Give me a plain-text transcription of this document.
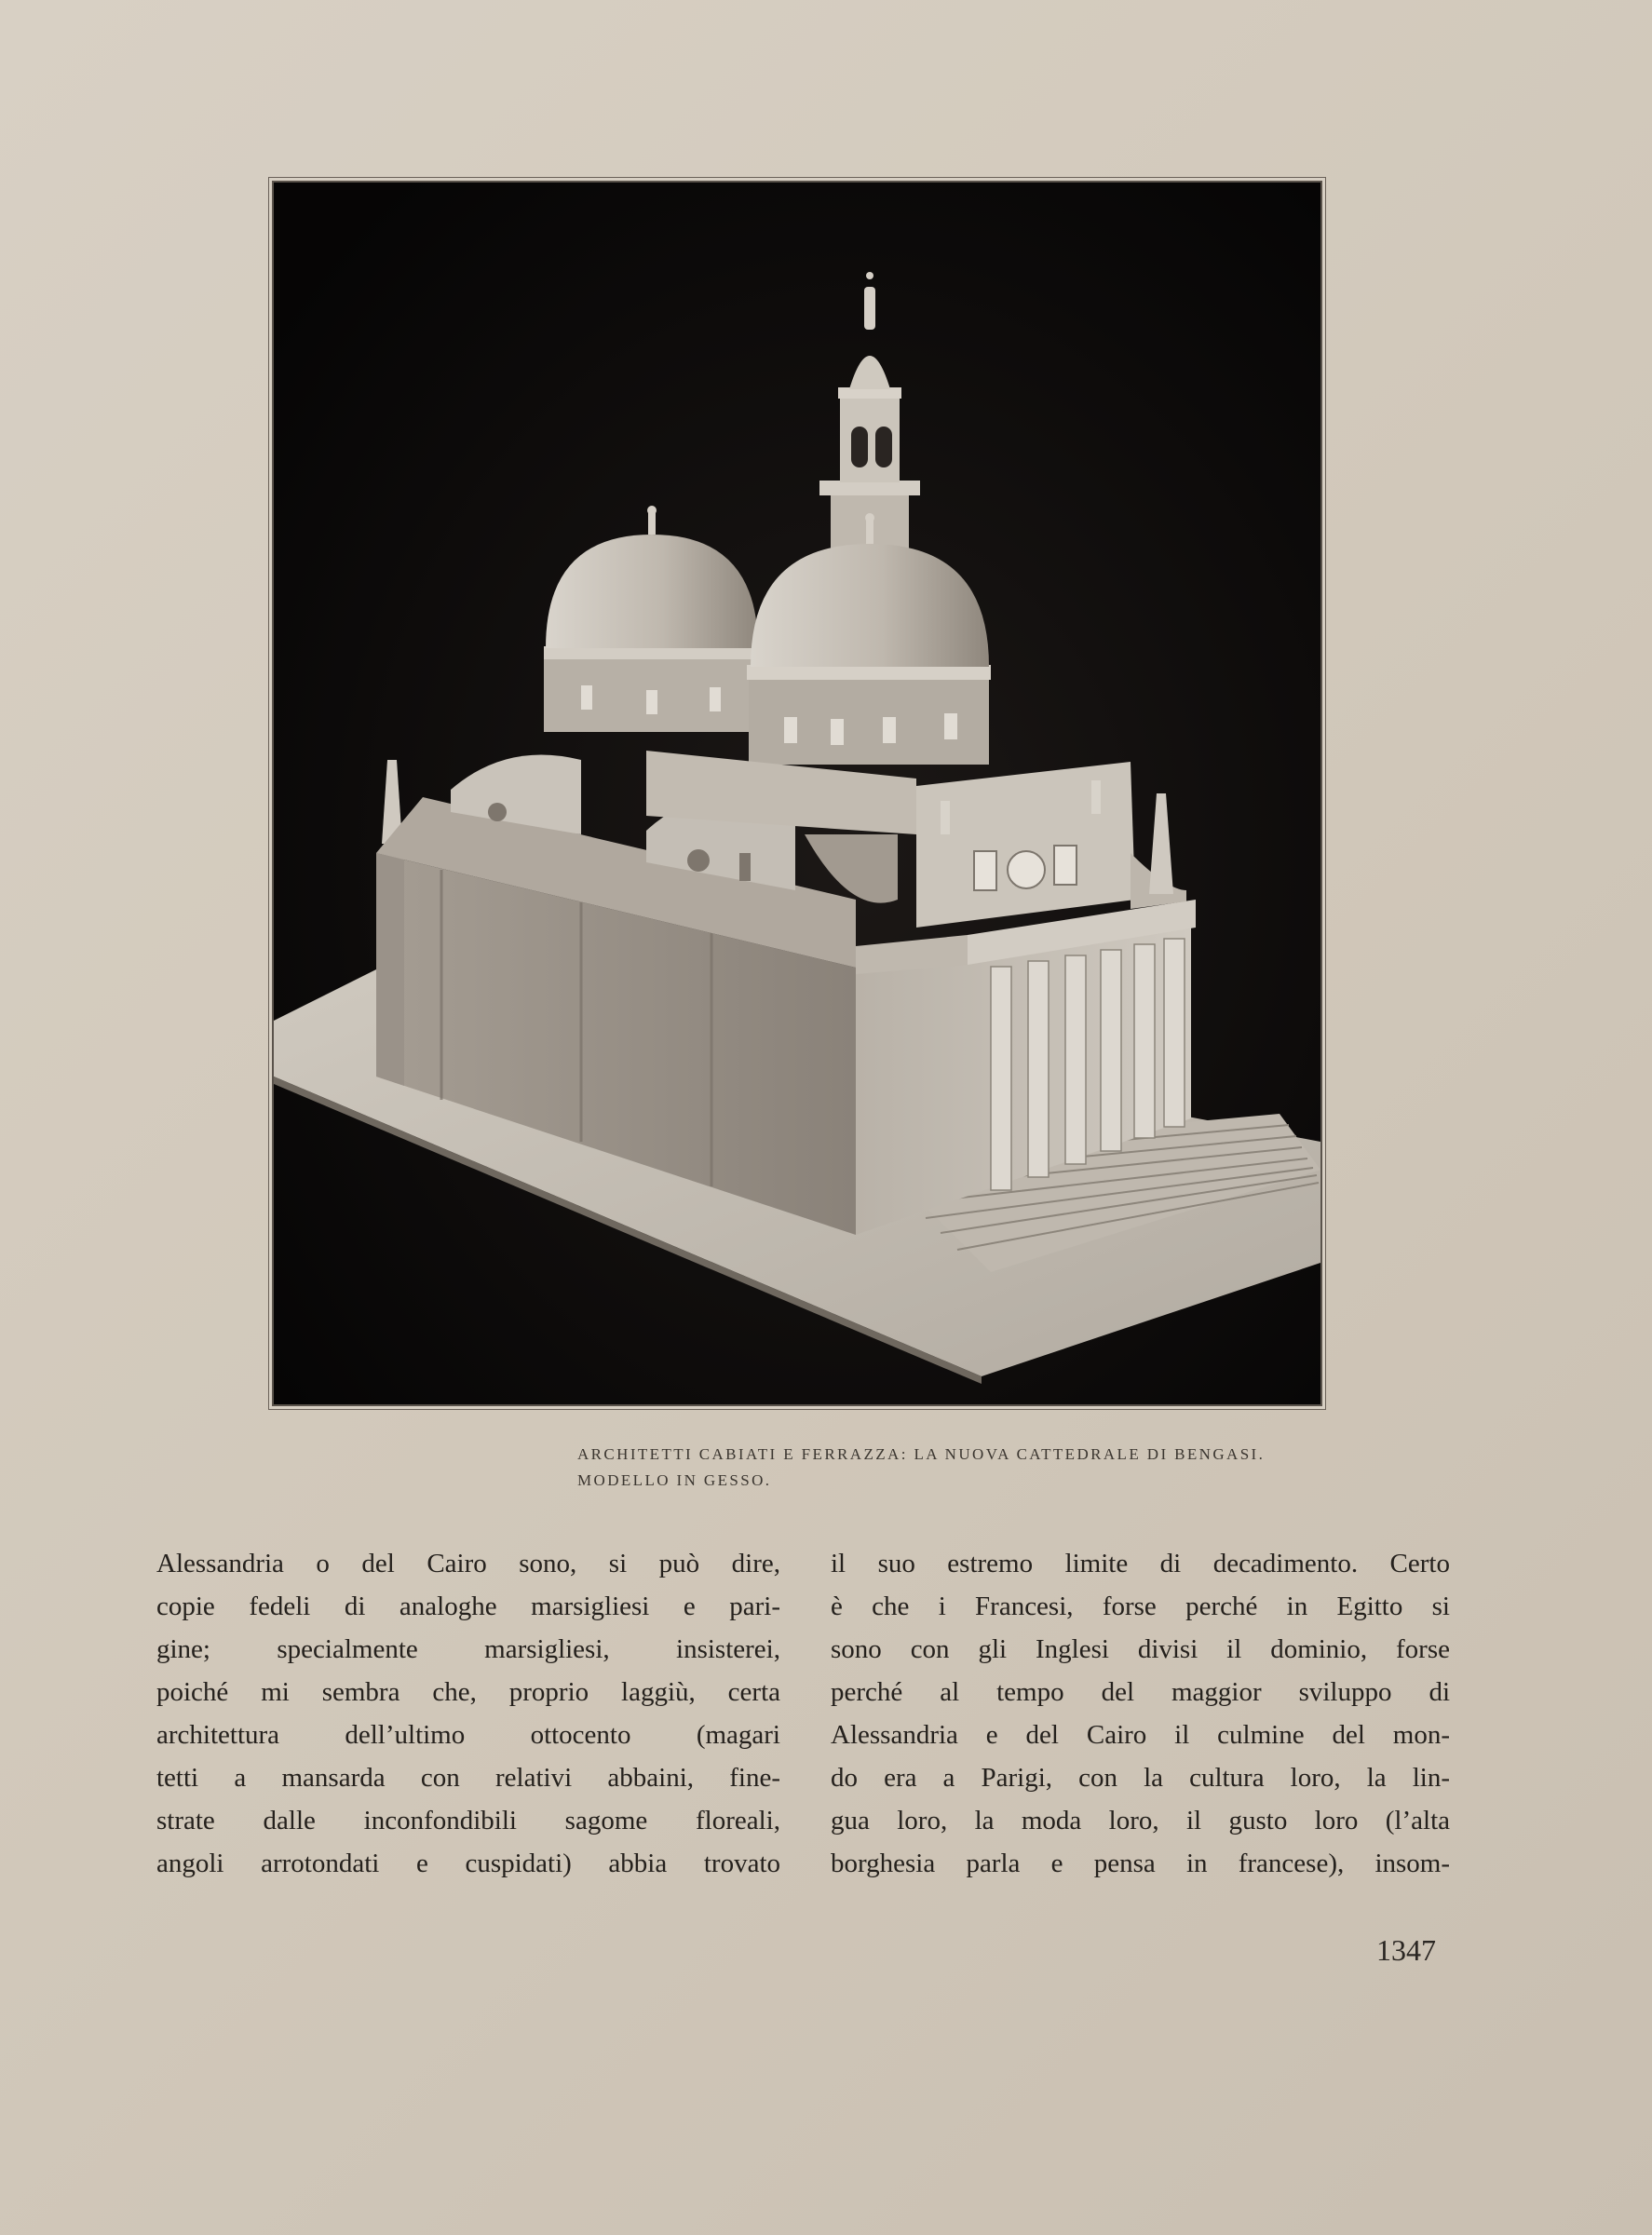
ARCHITETTI CABIATI E FERRAZZA: LA NUOVA CATTEDRALE DI BENGASI.
MODELLO IN GESSO.
Alessandria o del Cairo sono, si può dire,
copie fedeli di analoghe marsigliesi e pari-
gine; specialmente marsigliesi, insisterei,
poiché mi sembra che, proprio laggiù, certa
architettura dell’ultimo ottocento (magari
tetti a mansarda con relativi abbaini, fine-
strate dalle inconfondibili sagome floreali,
angoli arrotondati e cuspidati) abbia trovato
il suo estremo limite di decadimento. Certo
è che i Francesi, forse perché in Egitto si
sono con gli Inglesi divisi il dominio, forse
perché al tempo del maggior sviluppo di
Alessandria e del Cairo il culmine del mon-
do era a Parigi, con la cultura loro, la lin-
gua loro, la moda loro, il gusto loro (l’alta
borghesia parla e pensa in francese), insom-
1347
